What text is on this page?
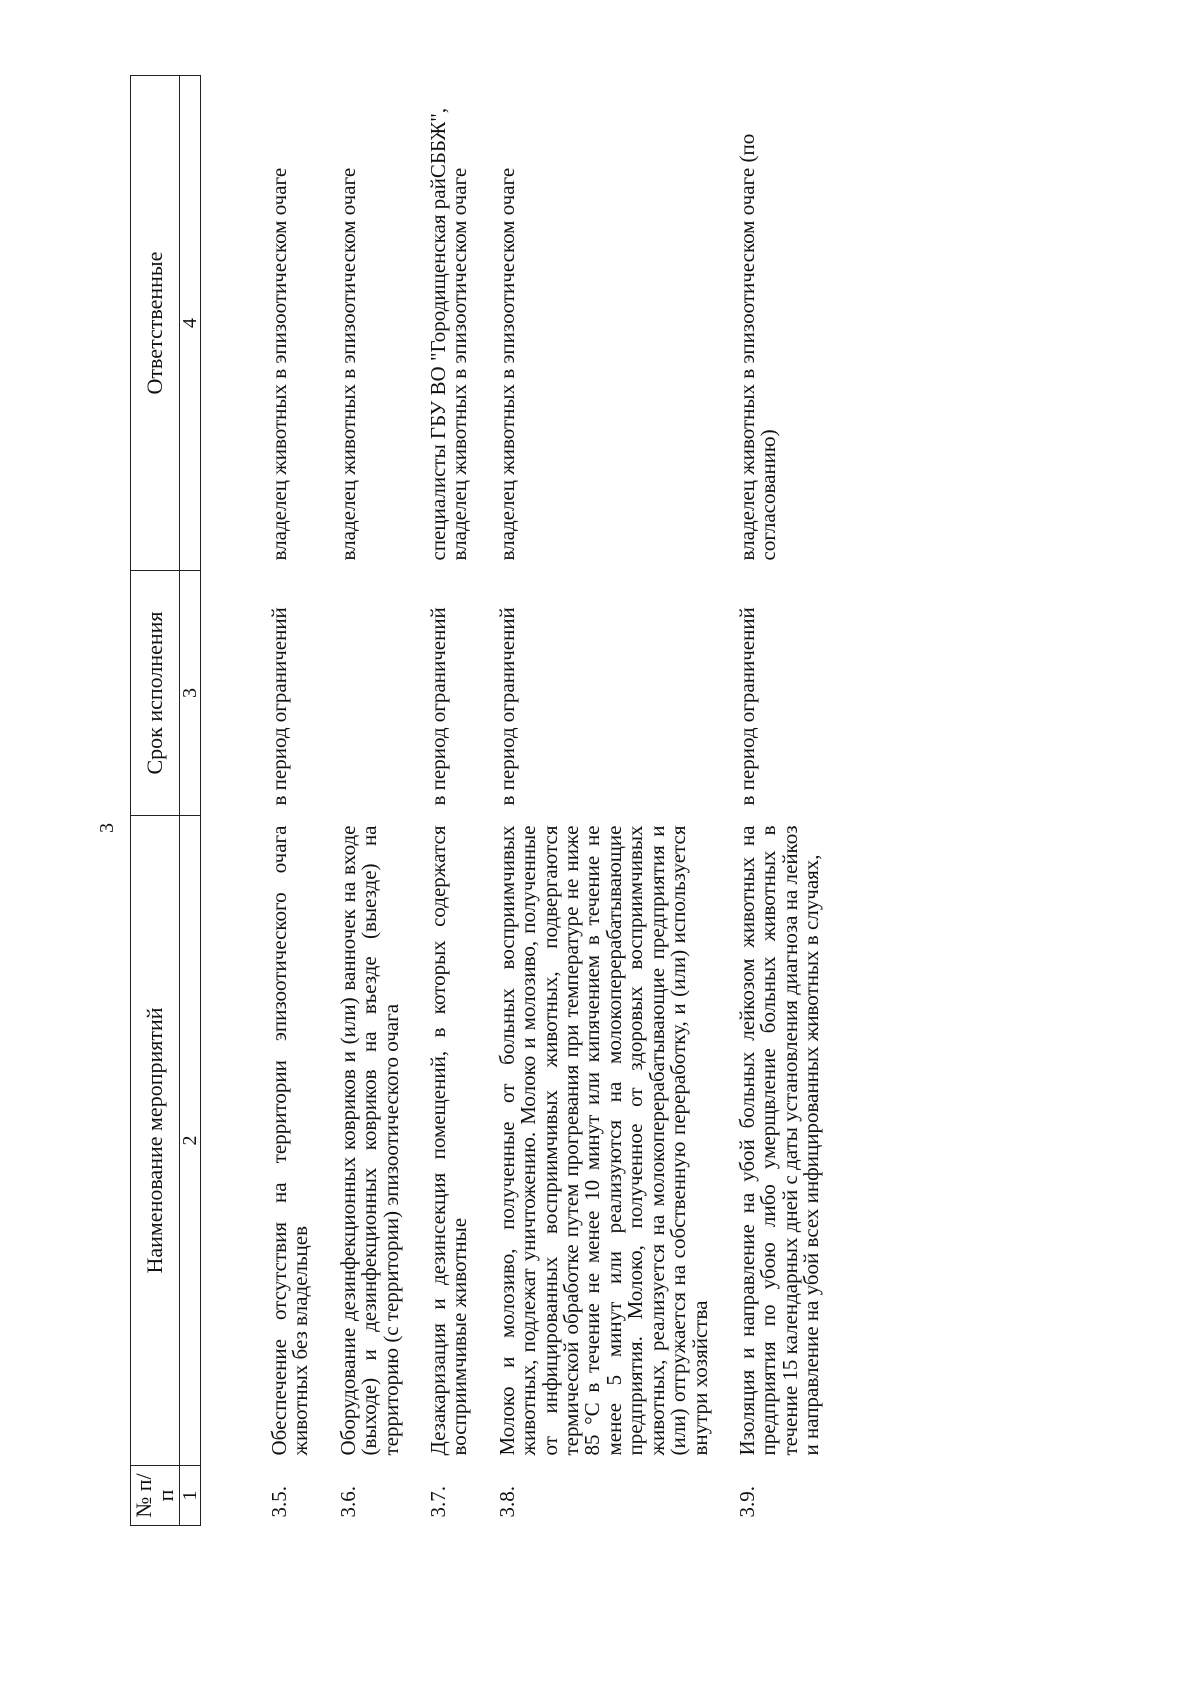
3
№ п/п	Наименование мероприятий	Срок исполнения	Ответственные
1	2	3	4
3.5.	Обеспечение отсутствия на территории эпизоотического очага животных без владельцев	в период ограничений	владелец животных в эпизоотическом очаге
3.6.	Оборудование дезинфекционных ковриков и (или) ванночек на входе (выходе) и дезинфекционных ковриков на въезде (выезде) на территорию (с территории) эпизоотического очага		владелец животных в эпизоотическом очаге
3.7.	Дезакаризация и дезинсекция помещений, в которых содержатся восприимчивые животные	в период ограничений	специалисты ГБУ ВО "Городищенская райСББЖ", владелец животных в эпизоотическом очаге
3.8.	Молоко и молозиво, полученные от больных восприимчивых животных, подлежат уничтожению. Молоко и молозиво, полученные от инфицированных восприимчивых животных, подвергаются термической обработке путем прогревания при температуре не ниже 85 °С в течение не менее 10 минут или кипячением в течение не менее 5 минут или реализуются на молокоперерабатывающие предприятия. Молоко, полученное от здоровых восприимчивых животных, реализуется на молокоперерабатывающие предприятия и (или) отгружается на собственную переработку, и (или) используется внутри хозяйства	в период ограничений	владелец животных в эпизоотическом очаге
3.9.	Изоляция и направление на убой больных лейкозом животных на предприятия по убою либо умерщвление больных животных в течение 15 календарных дней с даты установления диагноза на лейкоз и направление на убой всех инфицированных животных в случаях,	в период ограничений	владелец животных в эпизоотическом очаге (по согласованию)
